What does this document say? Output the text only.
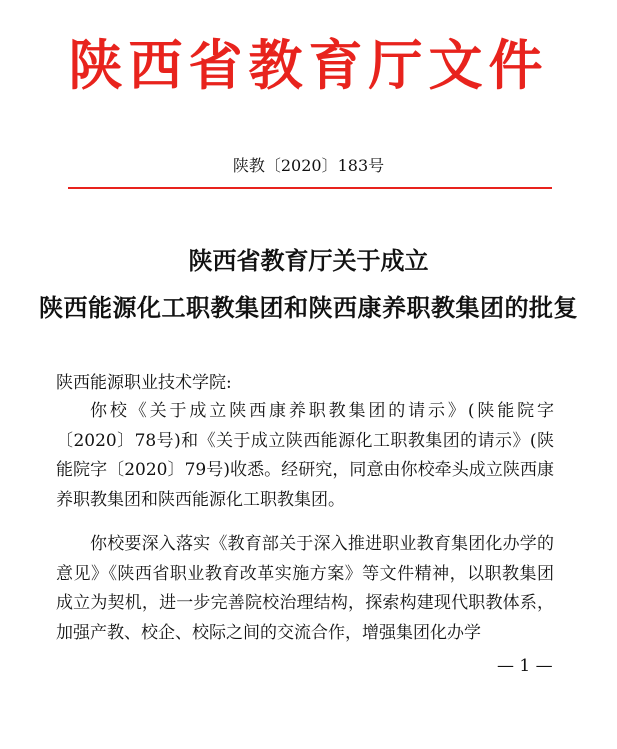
陕西省教育厅文件
陕教〔2020〕183号
陕西省教育厅关于成立
陕西能源化工职教集团和陕西康养职教集团的批复
陕西能源职业技术学院:
你校《关于成立陕西康养职教集团的请示》(陕能院字〔2020〕78号)和《关于成立陕西能源化工职教集团的请示》(陕能院字〔2020〕79号)收悉。经研究，同意由你校牵头成立陕西康养职教集团和陕西能源化工职教集团。
你校要深入落实《教育部关于深入推进职业教育集团化办学的意见》《陕西省职业教育改革实施方案》等文件精神，以职教集团成立为契机，进一步完善院校治理结构，探索构建现代职教体系，加强产教、校企、校际之间的交流合作，增强集团化办学
— 1 —
